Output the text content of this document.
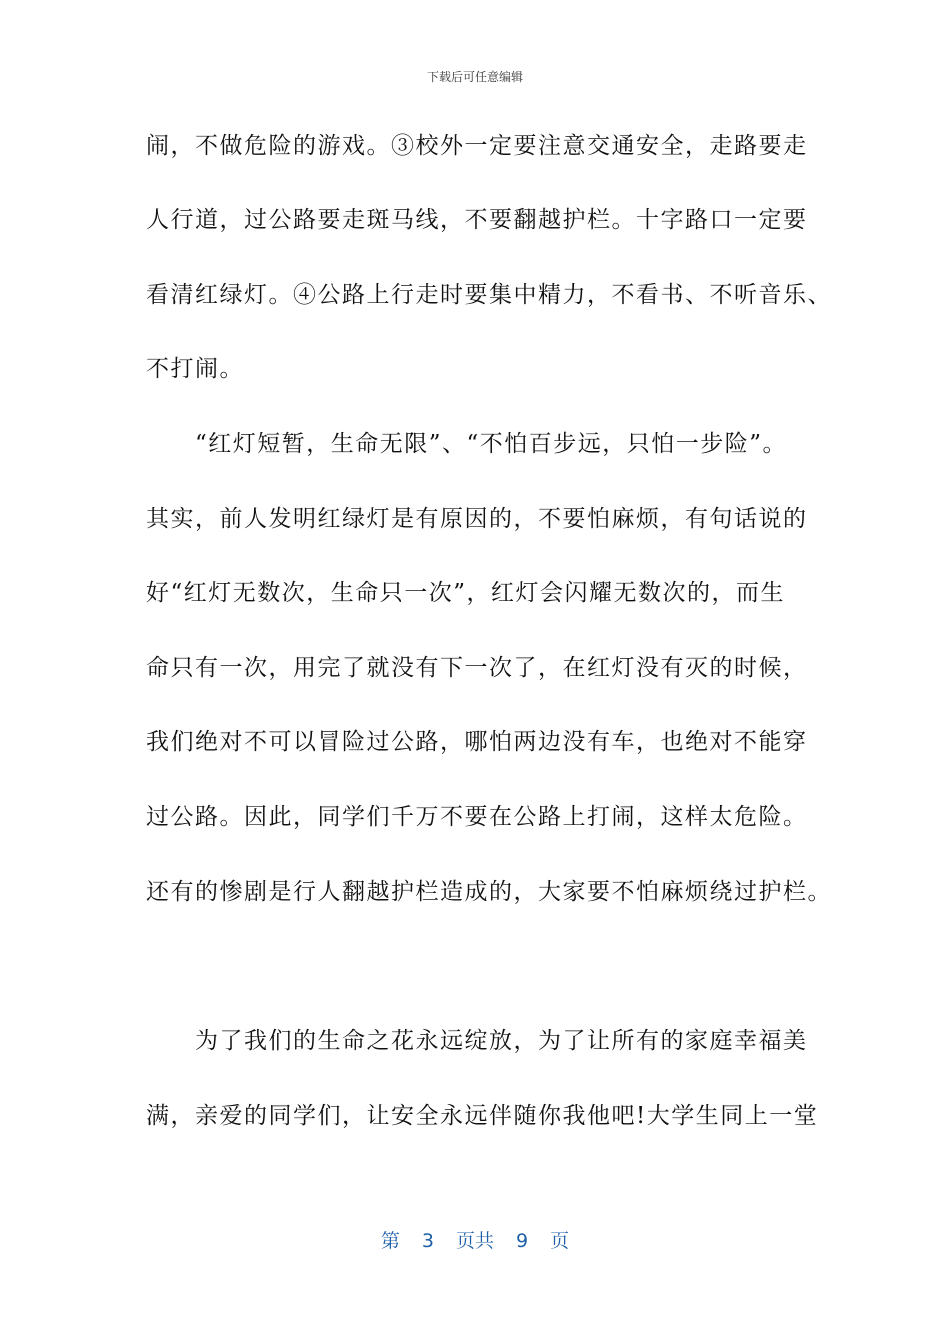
下载后可任意编辑
闹，不做危险的游戏。③校外一定要注意交通安全，走路要走
人行道，过公路要走斑马线，不要翻越护栏。十字路口一定要
看清红绿灯。④公路上行走时要集中精力，不看书、不听音乐、
不打闹。
　　“红灯短暂，生命无限”、“不怕百步远，只怕一步险”。
其实，前人发明红绿灯是有原因的，不要怕麻烦，有句话说的
好“红灯无数次，生命只一次”，红灯会闪耀无数次的，而生
命只有一次，用完了就没有下一次了，在红灯没有灭的时候，
我们绝对不可以冒险过公路，哪怕两边没有车，也绝对不能穿
过公路。因此，同学们千万不要在公路上打闹，这样太危险。
还有的惨剧是行人翻越护栏造成的，大家要不怕麻烦绕过护栏。
　　为了我们的生命之花永远绽放，为了让所有的家庭幸福美
满，亲爱的同学们，让安全永远伴随你我他吧!大学生同上一堂
第 3 页共 9 页
